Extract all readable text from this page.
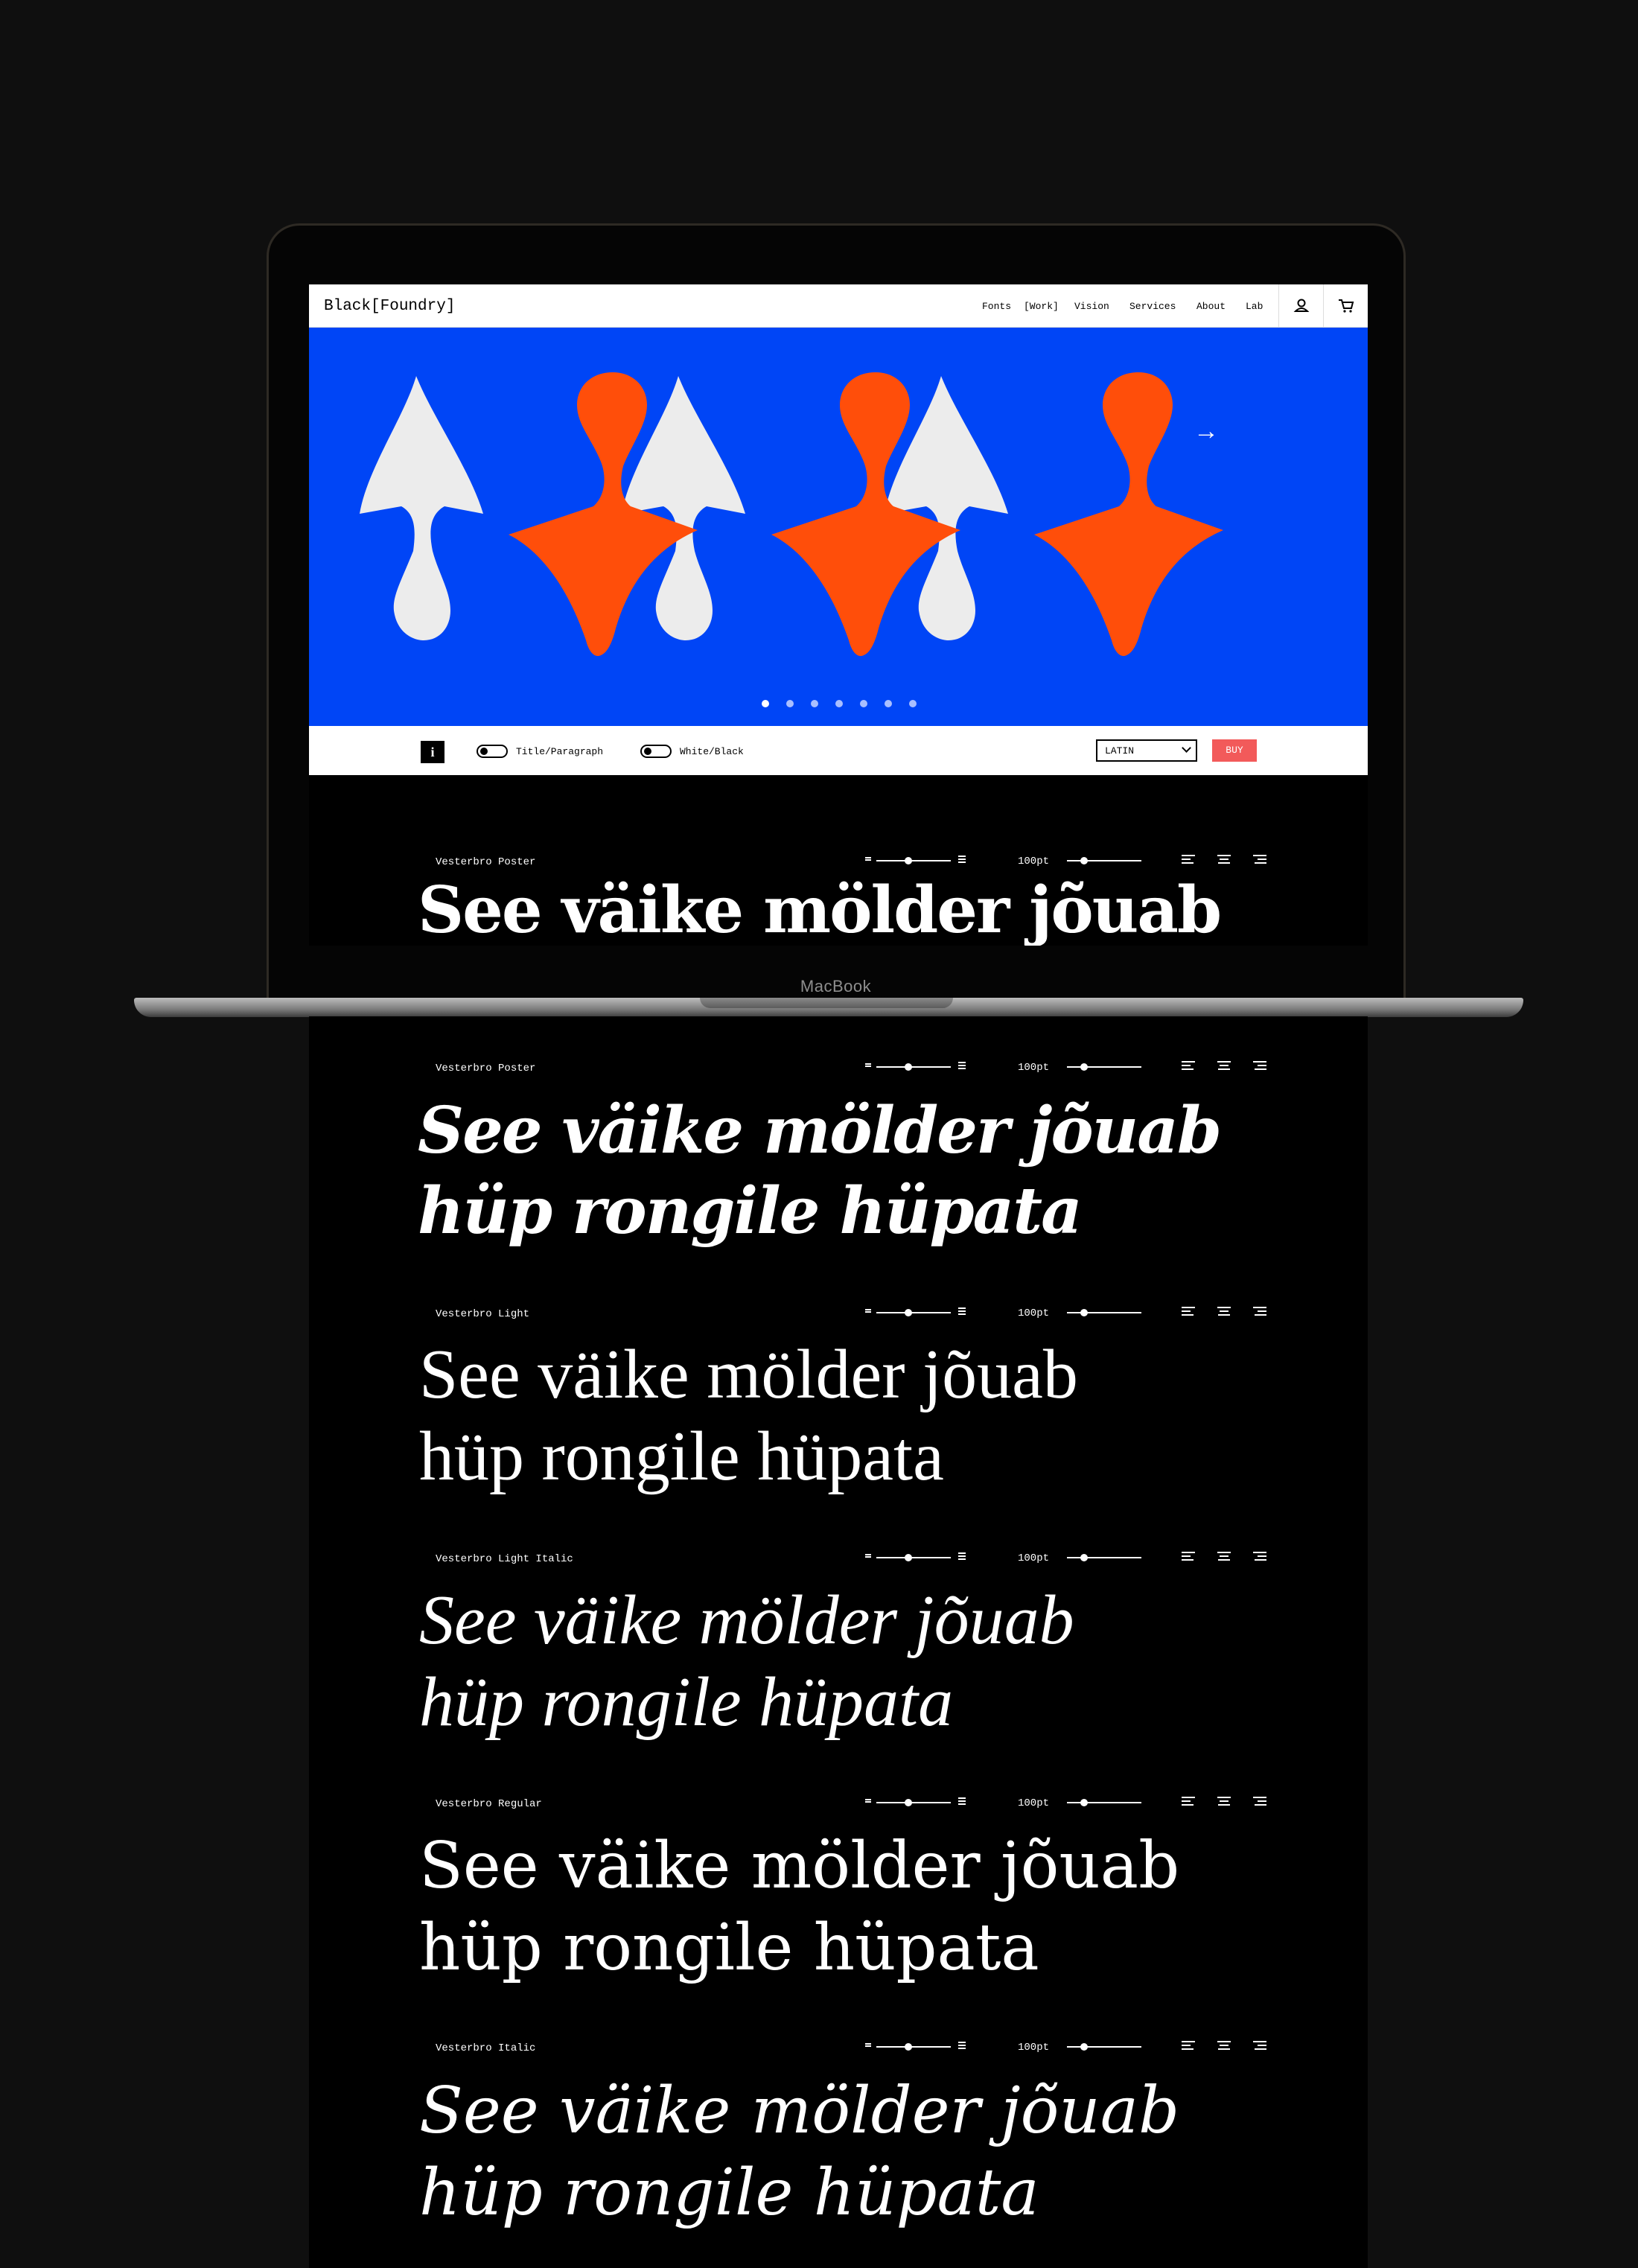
Black[Foundry]	Fonts [Work] Vision Services About Lab
→
i	Title/Paragraph	White/Black	LATIN	BUY
Vesterbro Poster	100pt
See väike mölder jõuab
MacBook
Vesterbro Poster	100pt
See väike mölder jõuab
hüp rongile hüpata
Vesterbro Light	100pt
See väike mölder jõuab
hüp rongile hüpata
Vesterbro Light Italic	100pt
See väike mölder jõuab
hüp rongile hüpata
Vesterbro Regular	100pt
See väike mölder jõuab
hüp rongile hüpata
Vesterbro Italic	100pt
See väike mölder jõuab
hüp rongile hüpata
